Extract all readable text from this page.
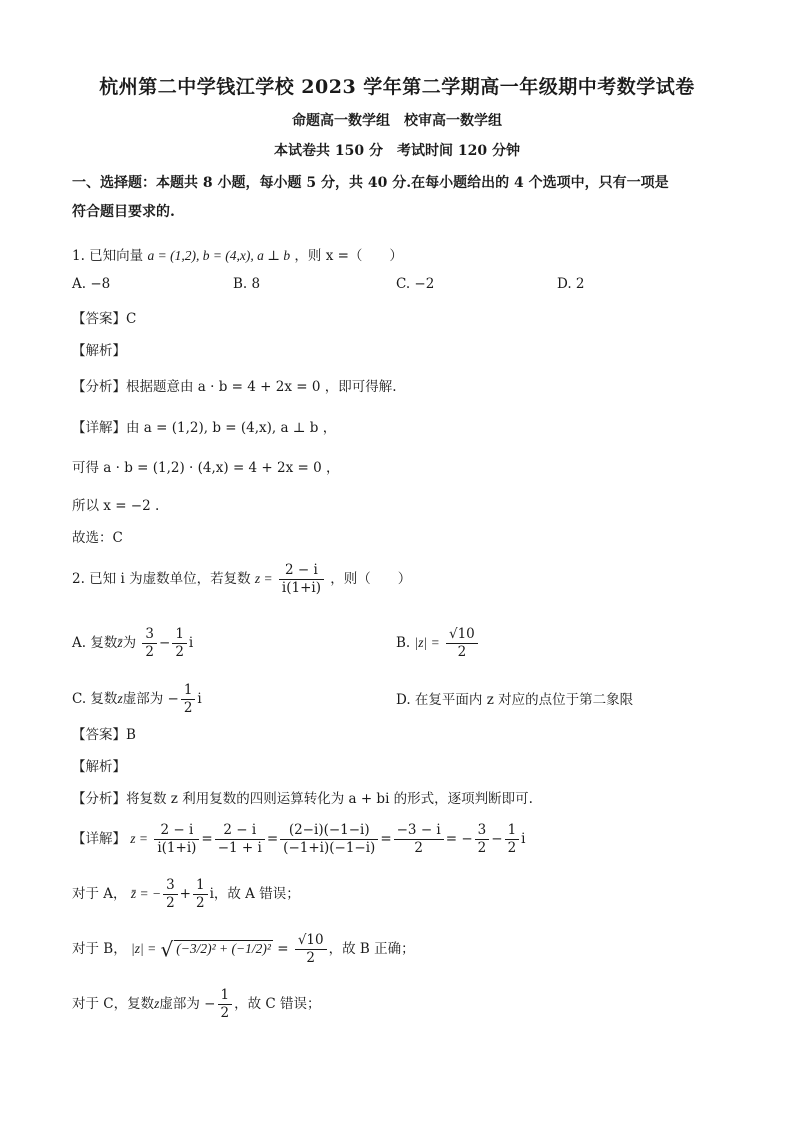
杭州第二中学钱江学校 2023 学年第二学期高一年级期中考数学试卷
命题高一数学组　校审高一数学组
本试卷共 150 分　考试时间 120 分钟
一、选择题：本题共 8 小题，每小题 5 分，共 40 分.在每小题给出的 4 个选项中，只有一项是
符合题目要求的.
1. 已知向量 a = (1,2), b = (4,x), a ⊥ b ，则 x =（　　）
A. −8	B. 8	C. −2	D. 2
【答案】C
【解析】
【分析】根据题意由 a · b = 4 + 2x = 0 ，即可得解.
【详解】由 a = (1,2), b = (4,x), a ⊥ b ，
可得 a · b = (1,2) · (4,x) = 4 + 2x = 0 ，
所以 x = −2 .
故选：C
2. 已知 i 为虚数单位，若复数 $z = \frac{2 - i}{i(1+i)}$ ，则（　　）
A. 复数z̄为 $\frac{3}{2} - \frac{1}{2}$ i	B. $|z| = \frac{√10}{2}$
C. 复数z虚部为 − $\frac{1}{2}$ i	D. 在复平面内 z 对应的点位于第二象限
【答案】B
【解析】
【分析】将复数 z 利用复数的四则运算转化为 a + bi 的形式，逐项判断即可.
【详解】 $z = \frac{2 - i}{i(1+i)} = \frac{2 - i}{-1 + i} = \frac{(2-i)(-1-i)}{(-1+i)(-1-i)} = \frac{-3 - i}{2}$ = − $\frac{3}{2} - \frac{1}{2}$ i
对于 A， z̄ = − $\frac{3}{2} + \frac{1}{2}$ i，故 A 错误；
对于 B， |z| = √ $(-3/2)^2 + (-1/2)^2 = \frac{√10}{2}$ ，故 B 正确；
对于 C，复数z虚部为 − $\frac{1}{2}$ ，故 C 错误；
